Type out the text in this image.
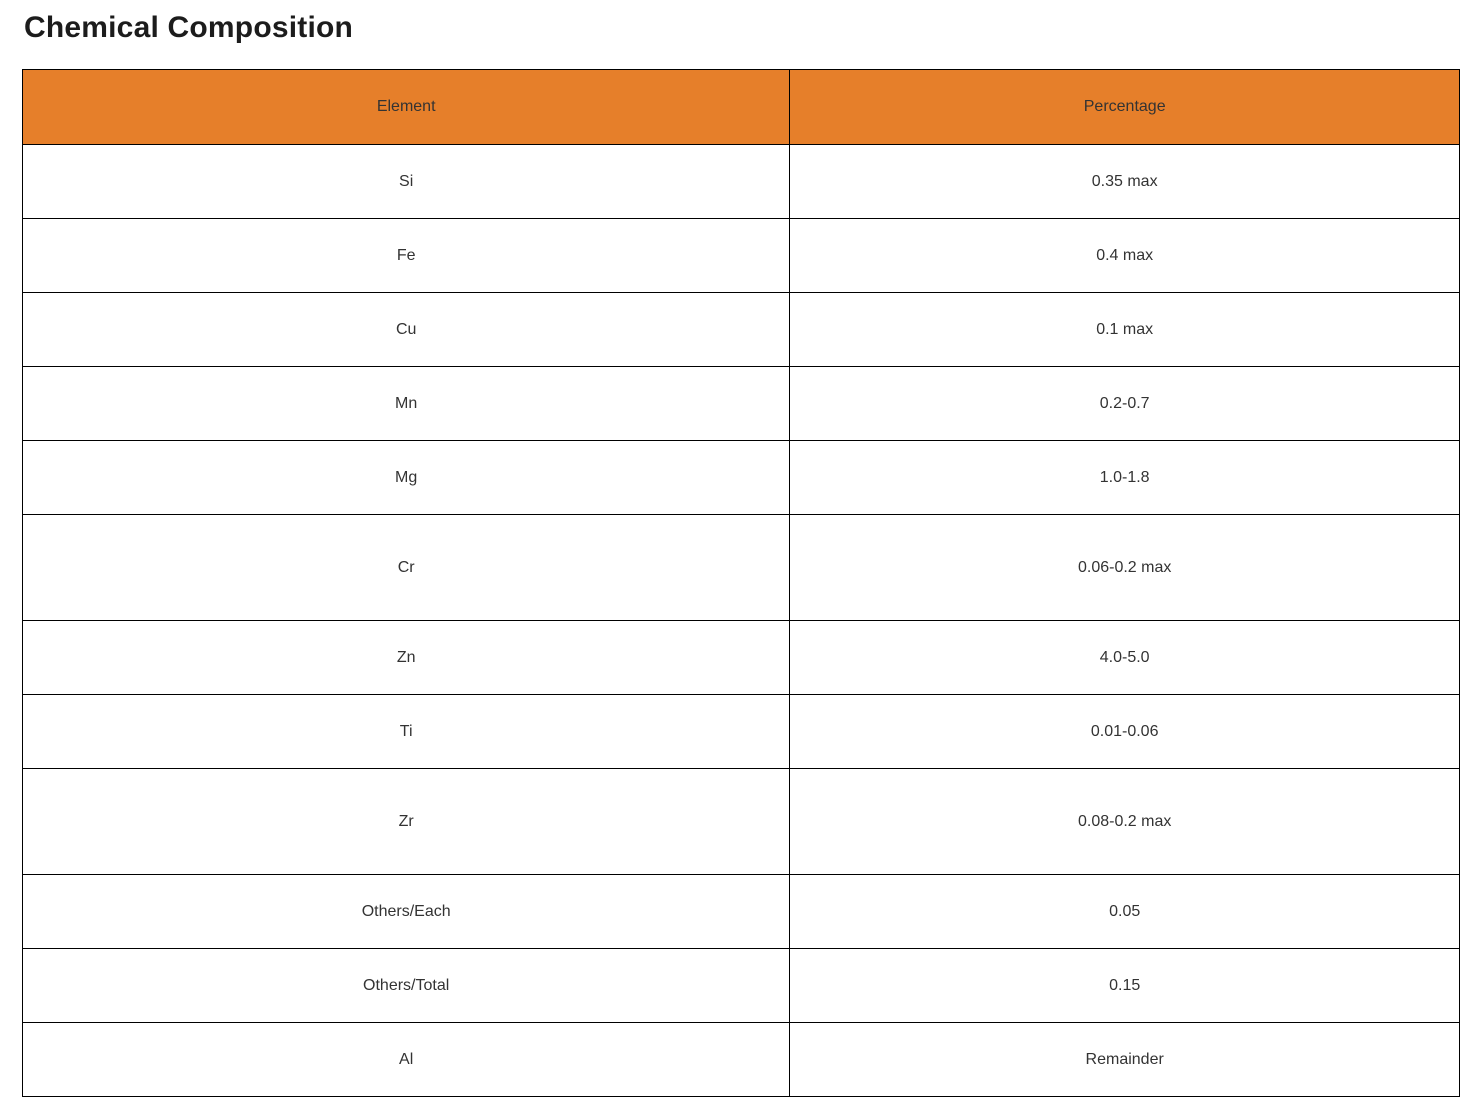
Chemical Composition
Element	Percentage
Si	0.35 max
Fe	0.4 max
Cu	0.1 max
Mn	0.2-0.7
Mg	1.0-1.8
Cr	0.06-0.2 max
Zn	4.0-5.0
Ti	0.01-0.06
Zr	0.08-0.2 max
Others/Each	0.05
Others/Total	0.15
Al	Remainder
